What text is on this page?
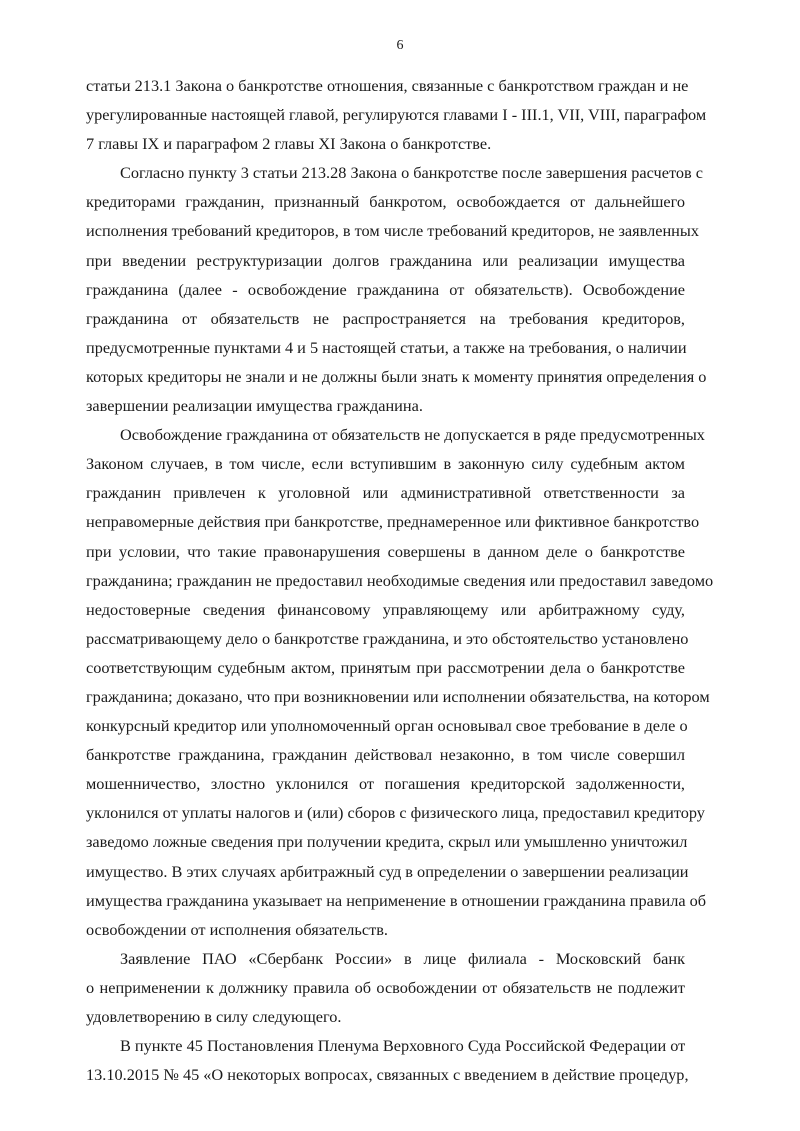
6
статьи 213.1 Закона о банкротстве отношения, связанные с банкротством граждан и не
урегулированные настоящей главой, регулируются главами I - III.1, VII, VIII, параграфом
7 главы IX и параграфом 2 главы XI Закона о банкротстве.
Согласно пункту 3 статьи 213.28 Закона о банкротстве после завершения расчетов с
кредиторами гражданин, признанный банкротом, освобождается от дальнейшего
исполнения требований кредиторов, в том числе требований кредиторов, не заявленных
при введении реструктуризации долгов гражданина или реализации имущества
гражданина (далее - освобождение гражданина от обязательств). Освобождение
гражданина от обязательств не распространяется на требования кредиторов,
предусмотренные пунктами 4 и 5 настоящей статьи, а также на требования, о наличии
которых кредиторы не знали и не должны были знать к моменту принятия определения о
завершении реализации имущества гражданина.
Освобождение гражданина от обязательств не допускается в ряде предусмотренных
Законом случаев, в том числе, если вступившим в законную силу судебным актом
гражданин привлечен к уголовной или административной ответственности за
неправомерные действия при банкротстве, преднамеренное или фиктивное банкротство
при условии, что такие правонарушения совершены в данном деле о банкротстве
гражданина; гражданин не предоставил необходимые сведения или предоставил заведомо
недостоверные сведения финансовому управляющему или арбитражному суду,
рассматривающему дело о банкротстве гражданина, и это обстоятельство установлено
соответствующим судебным актом, принятым при рассмотрении дела о банкротстве
гражданина; доказано, что при возникновении или исполнении обязательства, на котором
конкурсный кредитор или уполномоченный орган основывал свое требование в деле о
банкротстве гражданина, гражданин действовал незаконно, в том числе совершил
мошенничество, злостно уклонился от погашения кредиторской задолженности,
уклонился от уплаты налогов и (или) сборов с физического лица, предоставил кредитору
заведомо ложные сведения при получении кредита, скрыл или умышленно уничтожил
имущество. В этих случаях арбитражный суд в определении о завершении реализации
имущества гражданина указывает на неприменение в отношении гражданина правила об
освобождении от исполнения обязательств.
Заявление ПАО «Сбербанк России» в лице филиала - Московский банк
о неприменении к должнику правила об освобождении от обязательств не подлежит
удовлетворению в силу следующего.
В пункте 45 Постановления Пленума Верховного Суда Российской Федерации от
13.10.2015 № 45 «О некоторых вопросах, связанных с введением в действие процедур,
